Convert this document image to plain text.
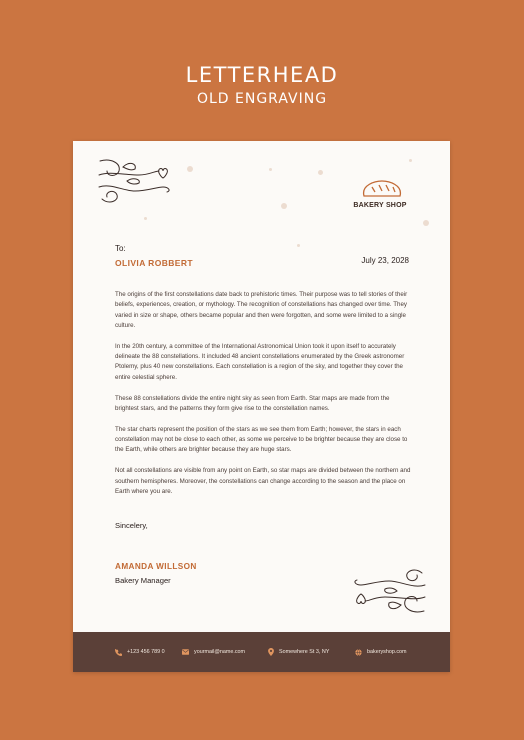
LETTERHEAD
OLD ENGRAVING
BAKERY SHOP
To:
OLIVIA ROBBERT	July 23, 2028

The origins of the first constellations date back to prehistoric times. Their purpose was to tell stories of their beliefs, experiences, creation, or mythology. The recognition of constellations has changed over time. They varied in size or shape, others became popular and then were forgotten, and some were limited to a single culture.

In the 20th century, a committee of the International Astronomical Union took it upon itself to accurately delineate the 88 constellations. It included 48 ancient constellations enumerated by the Greek astronomer Ptolemy, plus 40 new constellations. Each constellation is a region of the sky, and together they cover the entire celestial sphere.

These 88 constellations divide the entire night sky as seen from Earth. Star maps are made from the brightest stars, and the patterns they form give rise to the constellation names.

The star charts represent the position of the stars as we see them from Earth; however, the stars in each constellation may not be close to each other, as some we perceive to be brighter because they are close to the Earth, while others are brighter because they are huge stars.

Not all constellations are visible from any point on Earth, so star maps are divided between the northern and southern hemispheres. Moreover, the constellations can change according to the season and the place on Earth where you are.

Sincelery,
AMANDA WILLSON
Bakery Manager
+123 456 789 0	yourmail@name.com	Somewhere St 3, NY	bakeryshop.com
